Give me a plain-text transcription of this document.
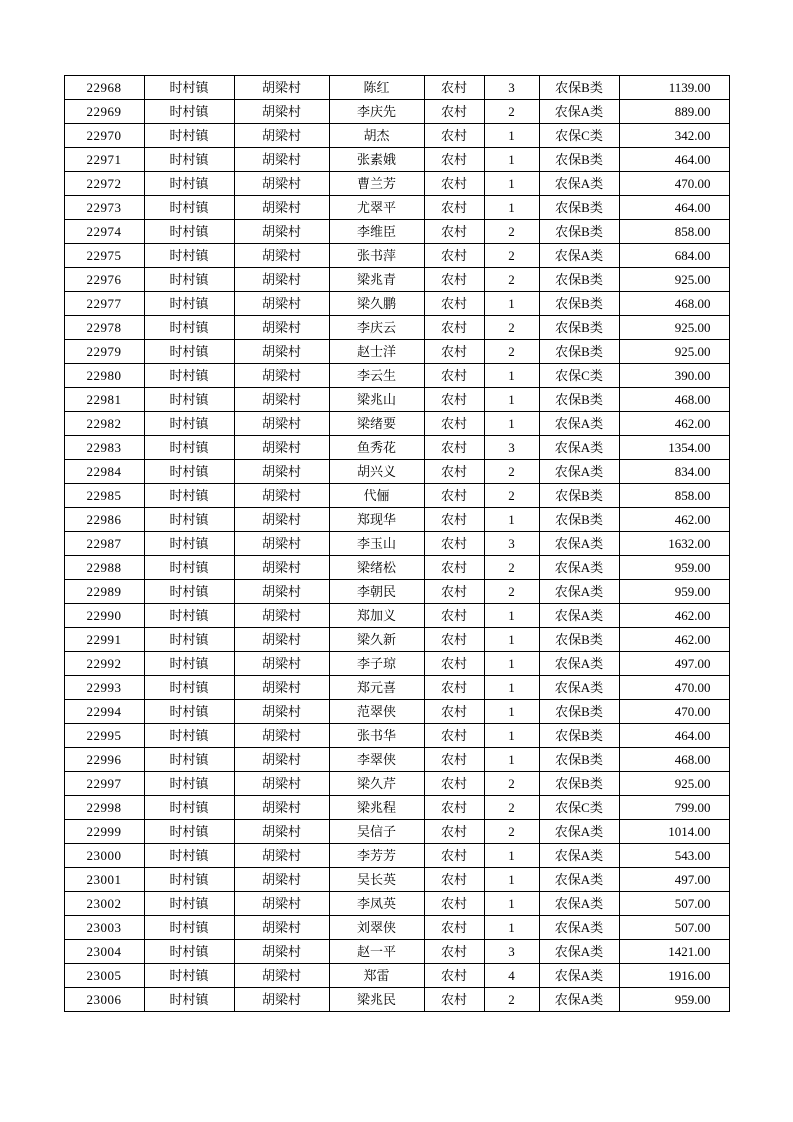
22968	时村镇	胡梁村	陈红	农村	3	农保B类	1139.00
22969	时村镇	胡梁村	李庆先	农村	2	农保A类	889.00
22970	时村镇	胡梁村	胡杰	农村	1	农保C类	342.00
22971	时村镇	胡梁村	张素娥	农村	1	农保B类	464.00
22972	时村镇	胡梁村	曹兰芳	农村	1	农保A类	470.00
22973	时村镇	胡梁村	尤翠平	农村	1	农保B类	464.00
22974	时村镇	胡梁村	李维臣	农村	2	农保B类	858.00
22975	时村镇	胡梁村	张书萍	农村	2	农保A类	684.00
22976	时村镇	胡梁村	梁兆青	农村	2	农保B类	925.00
22977	时村镇	胡梁村	梁久鹏	农村	1	农保B类	468.00
22978	时村镇	胡梁村	李庆云	农村	2	农保B类	925.00
22979	时村镇	胡梁村	赵士洋	农村	2	农保B类	925.00
22980	时村镇	胡梁村	李云生	农村	1	农保C类	390.00
22981	时村镇	胡梁村	梁兆山	农村	1	农保B类	468.00
22982	时村镇	胡梁村	梁绪要	农村	1	农保A类	462.00
22983	时村镇	胡梁村	鱼秀花	农村	3	农保A类	1354.00
22984	时村镇	胡梁村	胡兴义	农村	2	农保A类	834.00
22985	时村镇	胡梁村	代俪	农村	2	农保B类	858.00
22986	时村镇	胡梁村	郑现华	农村	1	农保B类	462.00
22987	时村镇	胡梁村	李玉山	农村	3	农保A类	1632.00
22988	时村镇	胡梁村	梁绪松	农村	2	农保A类	959.00
22989	时村镇	胡梁村	李朝民	农村	2	农保A类	959.00
22990	时村镇	胡梁村	郑加义	农村	1	农保A类	462.00
22991	时村镇	胡梁村	梁久新	农村	1	农保B类	462.00
22992	时村镇	胡梁村	李子琼	农村	1	农保A类	497.00
22993	时村镇	胡梁村	郑元喜	农村	1	农保A类	470.00
22994	时村镇	胡梁村	范翠侠	农村	1	农保B类	470.00
22995	时村镇	胡梁村	张书华	农村	1	农保B类	464.00
22996	时村镇	胡梁村	李翠侠	农村	1	农保B类	468.00
22997	时村镇	胡梁村	梁久芹	农村	2	农保B类	925.00
22998	时村镇	胡梁村	梁兆程	农村	2	农保C类	799.00
22999	时村镇	胡梁村	吴信子	农村	2	农保A类	1014.00
23000	时村镇	胡梁村	李芳芳	农村	1	农保A类	543.00
23001	时村镇	胡梁村	吴长英	农村	1	农保A类	497.00
23002	时村镇	胡梁村	李凤英	农村	1	农保A类	507.00
23003	时村镇	胡梁村	刘翠侠	农村	1	农保A类	507.00
23004	时村镇	胡梁村	赵一平	农村	3	农保A类	1421.00
23005	时村镇	胡梁村	郑雷	农村	4	农保A类	1916.00
23006	时村镇	胡梁村	梁兆民	农村	2	农保A类	959.00
